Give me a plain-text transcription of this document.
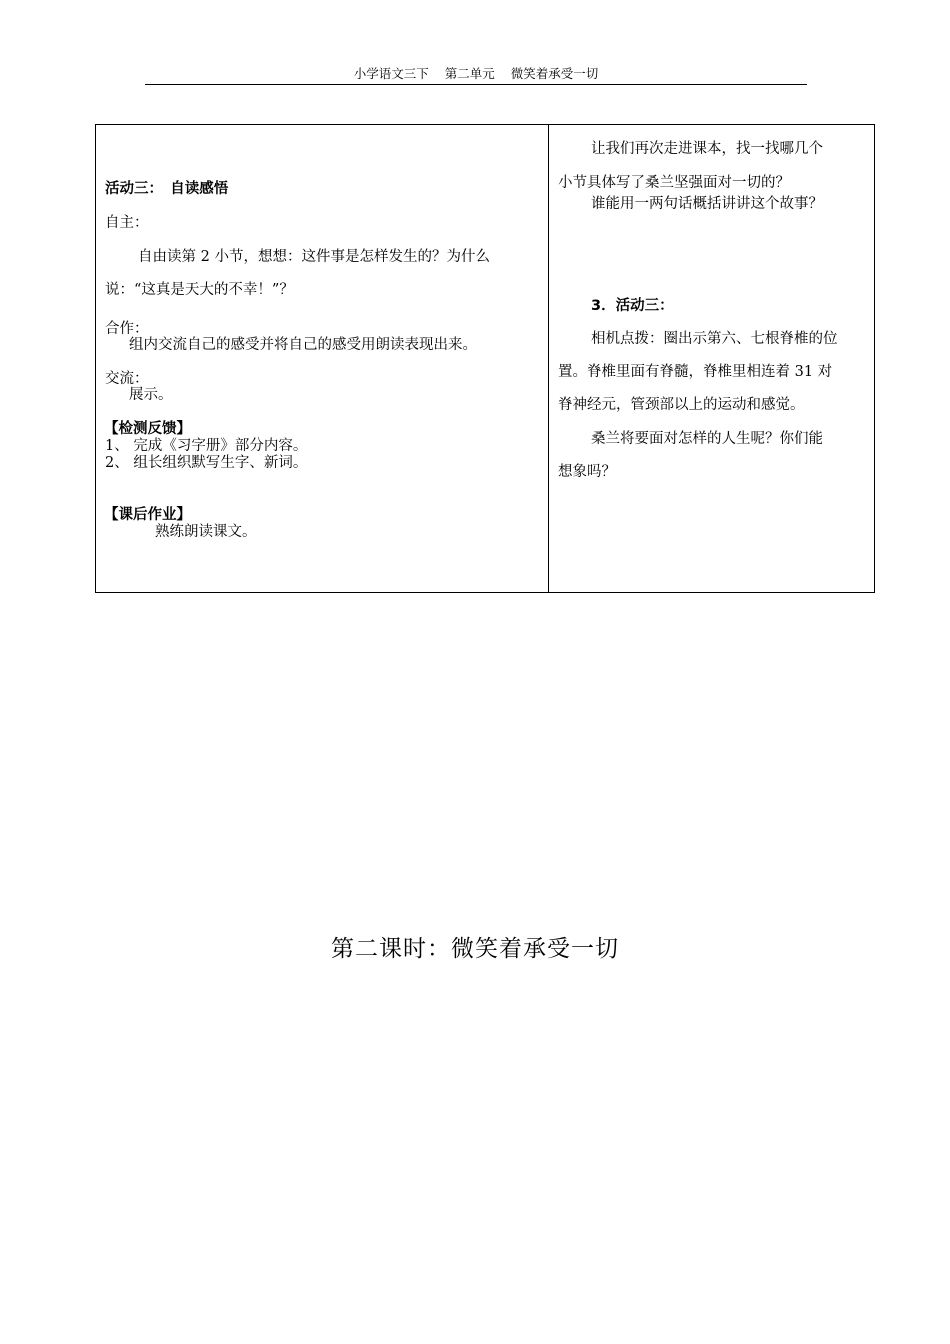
小学语文三下 第二单元 微笑着承受一切
活动三：　自读感悟
自主：
自由读第 2 小节，想想：这件事是怎样发生的？为什么
说：“这真是天大的不幸！”？
合作：
组内交流自己的感受并将自己的感受用朗读表现出来。
交流：
展示。
【检测反馈】
1、 完成《习字册》部分内容。
2、 组长组织默写生字、新词。
【课后作业】
熟练朗读课文。
让我们再次走进课本，找一找哪几个
小节具体写了桑兰坚强面对一切的？
谁能用一两句话概括讲讲这个故事？
3．活动三：
相机点拨：圈出示第六、七根脊椎的位
置。脊椎里面有脊髓，脊椎里相连着 31 对
脊神经元，管颈部以上的运动和感觉。
桑兰将要面对怎样的人生呢？你们能
想象吗？
第二课时：微笑着承受一切
